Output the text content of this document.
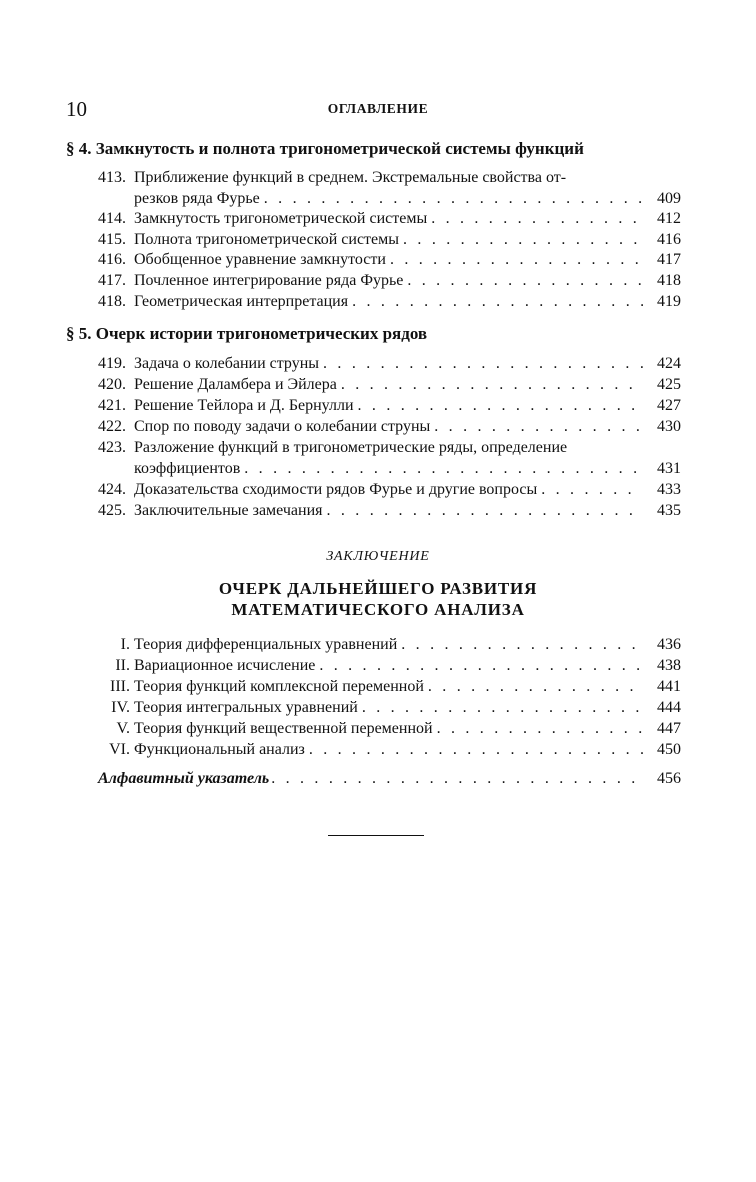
10	ОГЛАВЛЕНИЕ
§ 4. Замкнутость и полнота тригонометрической системы функций
413. Приближение функций в среднем. Экстремальные свойства от-
резков ряда Фурье . . .	409
414. Замкнутость тригонометрической системы . . .	412
415. Полнота тригонометрической системы . . .	416
416. Обобщенное уравнение замкнутости . . .	417
417. Почленное интегрирование ряда Фурье . . .	418
418. Геометрическая интерпретация . . .	419
§ 5. Очерк истории тригонометрических рядов
419. Задача о колебании струны . . .	424
420. Решение Даламбера и Эйлера . . .	425
421. Решение Тейлора и Д. Бернулли . . .	427
422. Спор по поводу задачи о колебании струны . . .	430
423. Разложение функций в тригонометрические ряды, определение
коэффициентов . . .	431
424. Доказательства сходимости рядов Фурье и другие вопросы . . .	433
425. Заключительные замечания . . .	435
ЗАКЛЮЧЕНИЕ
ОЧЕРК ДАЛЬНЕЙШЕГО РАЗВИТИЯ
МАТЕМАТИЧЕСКОГО АНАЛИЗА
I. Теория дифференциальных уравнений . . .	436
II. Вариационное исчисление . . .	438
III. Теория функций комплексной переменной . . .	441
IV. Теория интегральных уравнений . . .	444
V. Теория функций вещественной переменной . . .	447
VI. Функциональный анализ . . .	450
Алфавитный указатель . . .	456
